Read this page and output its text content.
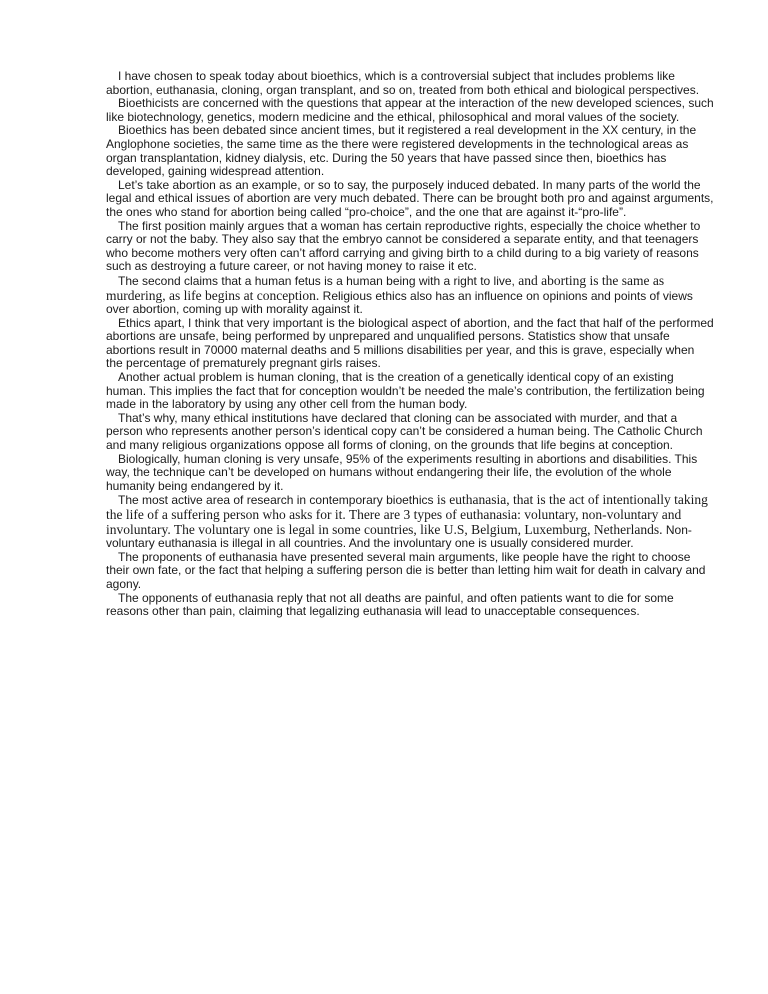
I have chosen to speak today about bioethics, which is a controversial subject that includes problems like abortion, euthanasia, cloning, organ transplant, and so on, treated from both ethical and biological perspectives.

Bioethicists are concerned with the questions that appear at the interaction of the new developed sciences, such like biotechnology, genetics, modern medicine and the ethical, philosophical and moral values of the society.

Bioethics has been debated since ancient times, but it registered a real development in the XX century, in the Anglophone societies, the same time as the there were registered developments in the technological areas as organ transplantation, kidney dialysis, etc. During the 50 years that have passed since then, bioethics has developed, gaining widespread attention.

Let’s take abortion as an example, or so to say, the purposely induced debated. In many parts of the world the legal and ethical issues of abortion are very much debated. There can be brought both pro and against arguments, the ones who stand for abortion being called “pro-choice”, and the one that are against it-“pro-life”.

The first position mainly argues that a woman has certain reproductive rights, especially the choice whether to carry or not the baby. They also say that the embryo cannot be considered a separate entity, and that teenagers who become mothers very often can’t afford carrying and giving birth to a child during to a big variety of reasons such as destroying a future career, or not having money to raise it etc.

The second claims that a human fetus is a human being with a right to live, and aborting is the same as murdering, as life begins at conception. Religious ethics also has an influence on opinions and points of views over abortion, coming up with morality against it.

Ethics apart, I think that very important is the biological aspect of abortion, and the fact that half of the performed abortions are unsafe, being performed by unprepared and unqualified persons. Statistics show that unsafe abortions result in 70000 maternal deaths and 5 millions disabilities per year, and this is grave, especially when the percentage of prematurely pregnant girls raises.

Another actual problem is human cloning, that is the creation of a genetically identical copy of an existing human. This implies the fact that for conception wouldn’t be needed the male’s contribution, the fertilization being made in the laboratory by using any other cell from the human body.

That’s why, many ethical institutions have declared that cloning can be associated with murder, and that a person who represents another person’s identical copy can’t be considered a human being. The Catholic Church and many religious organizations oppose all forms of cloning, on the grounds that life begins at conception.

Biologically, human cloning is very unsafe, 95% of the experiments resulting in abortions and disabilities. This way, the technique can’t be developed on humans without endangering their life, the evolution of the whole humanity being endangered by it.

The most active area of research in contemporary bioethics is euthanasia, that is the act of intentionally taking the life of a suffering person who asks for it. There are 3 types of euthanasia: voluntary, non-voluntary and involuntary. The voluntary one is legal in some countries, like U.S, Belgium, Luxemburg, Netherlands. Non-voluntary euthanasia is illegal in all countries. And the involuntary one is usually considered murder.

The proponents of euthanasia have presented several main arguments, like people have the right to choose their own fate, or the fact that helping a suffering person die is better than letting him wait for death in calvary and agony.

The opponents of euthanasia reply that not all deaths are painful, and often patients want to die for some reasons other than pain, claiming that legalizing euthanasia will lead to unacceptable consequences.
